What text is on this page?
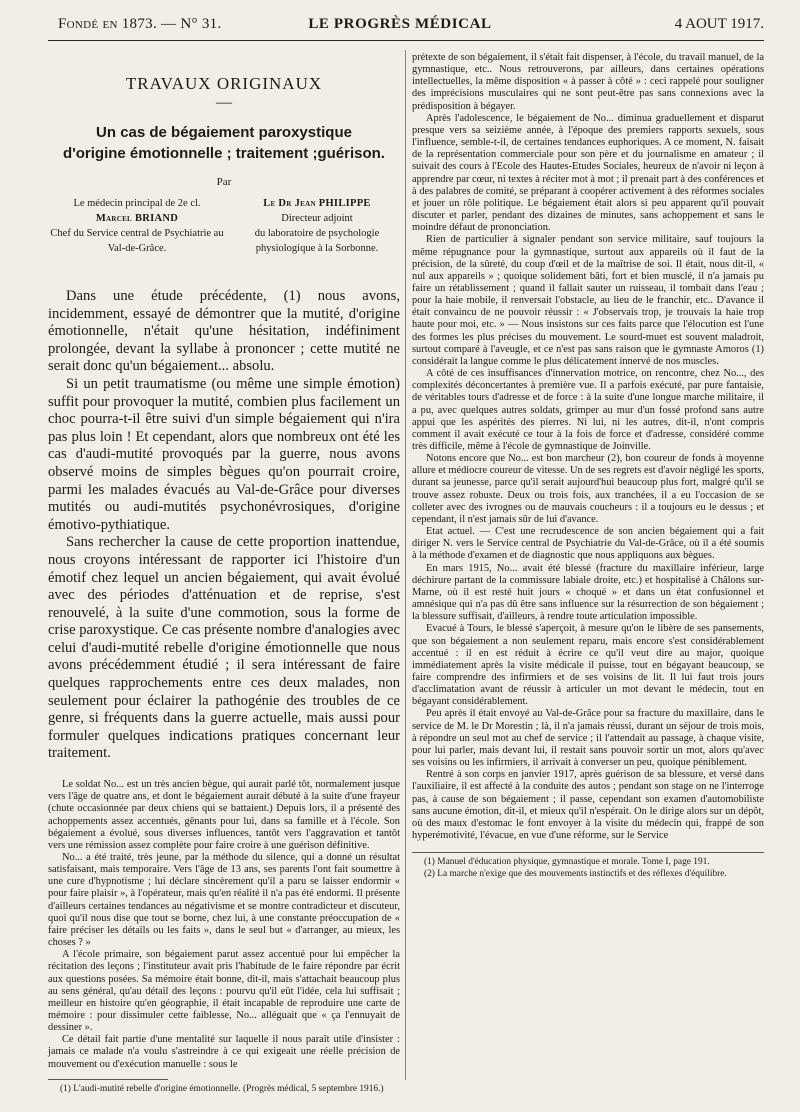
Fondé en 1873. — N° 31.	LE PROGRÈS MÉDICAL	4 AOUT 1917.
TRAVAUX ORIGINAUX
—
Un cas de bégaiement paroxystique
d'origine émotionnelle ; traitement ;guérison.
Par
Le médecin principal de 2e cl.
Marcel BRIAND
Chef du Service central de Psychiatrie au Val-de-Grâce.
Le Dr Jean PHILIPPE
Directeur adjoint
du laboratoire de psychologie physiologique à la Sorbonne.

Dans une étude précédente, (1) nous avons, incidemment, essayé de démontrer que la mutité, d'origine émotionnelle, n'était qu'une hésitation, indéfiniment prolongée, devant la syllabe à prononcer ; cette mutité ne serait donc qu'un bégaiement... absolu.

Si un petit traumatisme (ou même une simple émotion) suffit pour provoquer la mutité, combien plus facilement un choc pourra-t-il être suivi d'un simple bégaiement qui n'ira pas plus loin ! Et cependant, alors que nombreux ont été les cas d'audi-mutité provoqués par la guerre, nous avons observé moins de simples bègues qu'on pourrait croire, parmi les malades évacués au Val-de-Grâce pour diverses mutités ou audi-mutités psychonévrosiques, d'origine émotivo-pythiatique.

Sans rechercher la cause de cette proportion inattendue, nous croyons intéressant de rapporter ici l'histoire d'un émotif chez lequel un ancien bégaiement, qui avait évolué avec des périodes d'atténuation et de reprise, s'est renouvelé, à la suite d'une commotion, sous la forme de crise paroxystique. Ce cas présente nombre d'analogies avec celui d'audi-mutité rebelle d'origine émotionnelle que nous avons précédemment étudié ; il sera intéressant de faire quelques rapprochements entre ces deux malades, non seulement pour éclairer la pathogénie des troubles de ce genre, si fréquents dans la guerre actuelle, mais aussi pour formuler quelques indications pratiques concernant leur traitement.

Le soldat No... est un très ancien bègue, qui aurait parlé tôt, normalement jusque vers l'âge de quatre ans, et dont le bégaiement aurait débuté à la suite d'une frayeur (chute occasionnée par deux chiens qui se battaient.) Depuis lors, il a présenté des achoppements assez accentués, gênants pour lui, dans sa famille et à l'école. Son bégaiement a évolué, sous diverses influences, tantôt vers l'aggravation et tantôt vers une rémission assez complète pour faire croire à une guérison définitive.

No... a été traité, très jeune, par la méthode du silence, qui a donné un résultat satisfaisant, mais temporaire. Vers l'âge de 13 ans, ses parents l'ont fait soumettre à une cure d'hypnotisme ; lui déclare sincèrement qu'il a paru se laisser endormir « pour faire plaisir », à l'opérateur, mais qu'en réalité il n'a pas été endormi. Il présente d'ailleurs certaines tendances au négativisme et se montre contradicteur et discuteur, quoi qu'il nous dise que tout se borne, chez lui, à une constante préoccupation de « faire préciser les détails ou les faits », dans le seul but « d'arranger, au mieux, les choses ? »

A l'école primaire, son bégaiement parut assez accentué pour lui empêcher la récitation des leçons ; l'instituteur avait pris l'habitude de le faire répondre par écrit aux questions posées. Sa mémoire était bonne, dit-il, mais s'attachait beaucoup plus au sens général, qu'au détail des leçons : pourvu qu'il eût l'idée, cela lui suffisait ; meilleur en histoire qu'en géographie, il était incapable de reproduire une carte de mémoire : pour dissimuler cette faiblesse, No... alléguait que « ça l'ennuyait de dessiner ».

Ce détail fait partie d'une mentalité sur laquelle il nous paraît utile d'insister : jamais ce malade n'a voulu s'astreindre à ce qui exigeait une réelle précision de mouvement ou d'exécution manuelle : sous le

(1) L'audi-mutité rebelle d'origine émotionnelle. (Progrès médical, 5 septembre 1916.)

prétexte de son bégaiement, il s'était fait dispenser, à l'école, du travail manuel, de la gymnastique, etc.. Nous retrouverons, par ailleurs, dans certaines opérations intellectuelles, la même disposition « à passer à côté » : ceci rappelé pour souligner des imprécisions musculaires qui ne sont peut-être pas sans connexions avec la prédisposition à bégayer.

Après l'adolescence, le bégaiement de No... diminua graduellement et disparut presque vers sa seizième année, à l'époque des premiers rapports sexuels, sous l'influence, semble-t-il, de certaines tendances euphoriques. A ce moment, N. faisait de la représentation commerciale pour son père et du journalisme en amateur ; il suivait des cours à l'Ecole des Hautes-Etudes Sociales, heureux de n'avoir ni leçon à apprendre par cœur, ni textes à réciter mot à mot ; il prenait part à des conférences et à des palabres de comité, se préparant à coopérer activement à des réformes sociales et jouer un rôle politique. Le bégaiement était alors si peu apparent qu'il pouvait discuter et parler, pendant des dizaines de minutes, sans achoppement et sans le moindre défaut de prononciation.

Rien de particulier à signaler pendant son service militaire, sauf toujours la même répugnance pour la gymnastique, surtout aux appareils où il faut de la précision, de la sûreté, du coup d'œil et de la maîtrise de soi. Il était, nous dit-il, « nul aux appareils » ; quoique solidement bâti, fort et bien musclé, il n'a jamais pu faire un rétablissement ; quand il fallait sauter un ruisseau, il tombait dans l'eau ; pour la haie mobile, il renversait l'obstacle, au lieu de le franchir, etc.. D'avance il était convaincu de ne pouvoir réussir : « J'observais trop, je trouvais la haie trop haute pour moi, etc. » — Nous insistons sur ces faits parce que l'élocution est l'une des formes les plus précises du mouvement. Le sourd-muet est souvent maladroit, surtout comparé à l'aveugle, et ce n'est pas sans raison que le gymnaste Amoros (1) considérait la langue comme le plus délicatement innervé de nos muscles.

A côté de ces insuffisances d'innervation motrice, on rencontre, chez No..., des complexités déconcertantes à première vue. Il a parfois exécuté, par pure fantaisie, de véritables tours d'adresse et de force : à la suite d'une longue marche militaire, il a pu, avec quelques autres soldats, grimper au mur d'un fossé profond sans autre appui que les aspérités des pierres. Ni lui, ni les autres, dit-il, n'ont compris comment il avait exécuté ce tour à la fois de force et d'adresse, considéré comme très difficile, même à l'école de gymnastique de Joinville.

Notons encore que No... est bon marcheur (2), bon coureur de fonds à moyenne allure et médiocre coureur de vitesse. Un de ses regrets est d'avoir négligé les sports, durant sa jeunesse, parce qu'il serait aujourd'hui beaucoup plus fort, malgré qu'il se trouve assez robuste. Deux ou trois fois, aux tranchées, il a eu l'occasion de se colleter avec des ivrognes ou de mauvais coucheurs : il a toujours eu le dessus ; et cependant, il n'est jamais sûr de lui d'avance.

Etat actuel. — C'est une recrudescence de son ancien bégaiement qui a fait diriger N. vers le Service central de Psychiatrie du Val-de-Grâce, où il a été soumis à la méthode d'examen et de diagnostic que nous appliquons aux bègues.

En mars 1915, No... avait été blessé (fracture du maxillaire inférieur, large déchirure partant de la commissure labiale droite, etc.) et hospitalisé à Châlons sur-Marne, où il est resté huit jours « choqué » et dans un état confusionnel et amnésique qui n'a pas dû être sans influence sur la résurrection de son bégaiement ; la blessure suffisait, d'ailleurs, à rendre toute articulation impossible.

Evacué à Tours, le blessé s'aperçoit, à mesure qu'on le libère de ses pansements, que son bégaiement a non seulement reparu, mais encore s'est considérablement accentué : il en est réduit à écrire ce qu'il veut dire au major, quoique immédiatement après la visite médicale il puisse, tout en bégayant beaucoup, se faire comprendre des infirmiers et de ses voisins de lit. Il lui faut trois jours d'acclimatation avant de réussir à articuler un mot devant le médecin, tout en bégayant considérablement.

Peu après il était envoyé au Val-de-Grâce pour sa fracture du maxillaire, dans le service de M. le Dr Morestin ; là, il n'a jamais réussi, durant un séjour de trois mois, à répondre un seul mot au chef de service ; il l'attendait au passage, à chaque visite, pour lui parler, mais devant lui, il restait sans pouvoir sortir un mot, alors qu'avec ses voisins ou les infirmiers, il arrivait à converser un peu, quoique péniblement.

Rentré à son corps en janvier 1917, après guérison de sa blessure, et versé dans l'auxiliaire, il est affecté à la conduite des autos ; pendant son stage on ne l'interroge pas, à cause de son bégaiement ; il passe, cependant son examen d'automobiliste sans aucune émotion, dit-il, et mieux qu'il n'espérait. On le dirige alors sur un dépôt, où des maux d'estomac le font envoyer à la visite du médecin qui, frappé de son hyperémotivité, l'évacue, en vue d'une réforme, sur le Service

(1) Manuel d'éducation physique, gymnastique et morale. Tome I, page 191.
(2) La marche n'exige que des mouvements instinctifs et des réflexes d'équilibre.
